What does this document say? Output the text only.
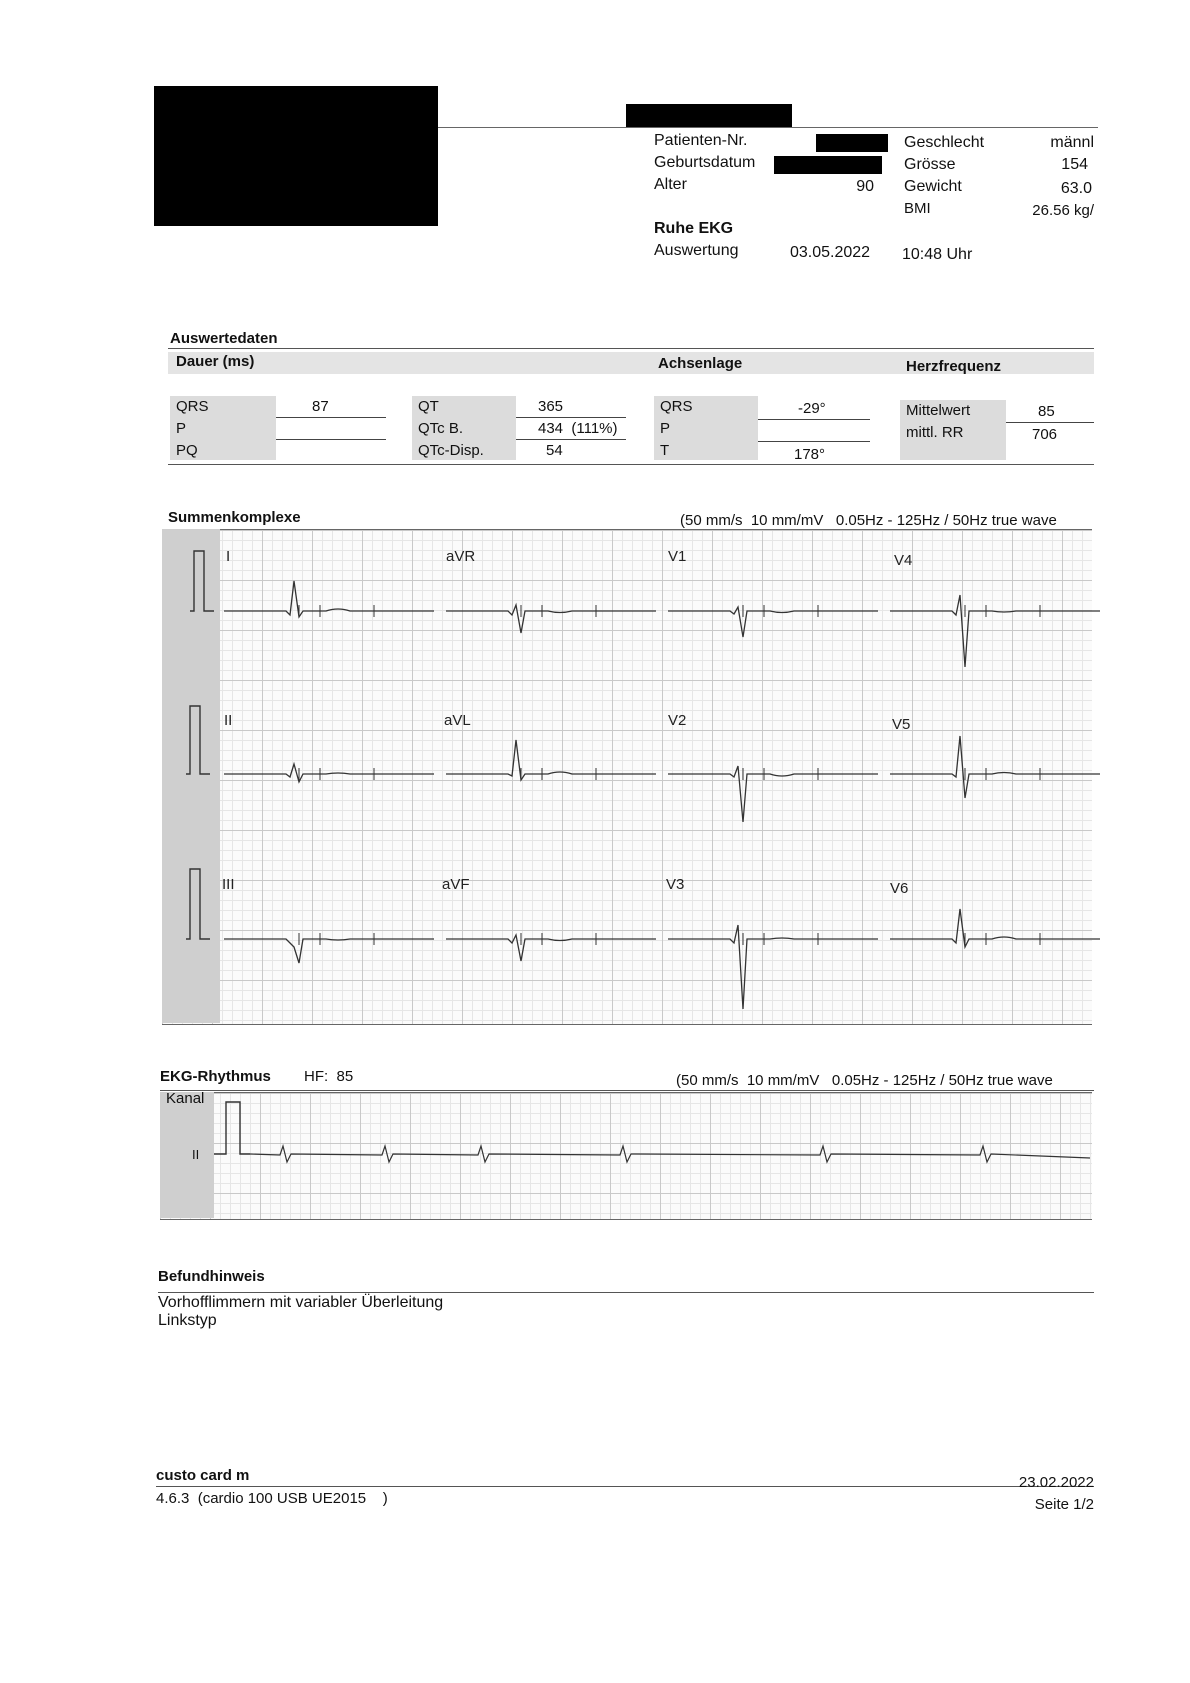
Patienten-Nr.
Geburtsdatum
Alter	90
Geschlecht	männl
Grösse	154
Gewicht	63.0
BMI	26.56 kg/
Ruhe EKG
Auswertung	03.05.2022 10:48 Uhr
Auswertedaten
Dauer (ms)	Achsenlage	Herzfrequenz
QRS	87
P
PQ
QT	365
QTc B.	434  (111%)
QTc-Disp.	54
QRS	-29°
P
T	178°
Mittelwert	85
mittl. RR	706
Summenkomplexe	(50 mm/s  10 mm/mV   0.05Hz - 125Hz / 50Hz true wave
I	aVR	V1	V4
II	aVL	V2	V5
III	aVF	V3	V6
EKG-Rhythmus HF:  85	(50 mm/s  10 mm/mV   0.05Hz - 125Hz / 50Hz true wave
Kanal
II
Befundhinweis
Vorhofflimmern mit variabler Überleitung
Linkstyp
custo card m
4.6.3  (cardio 100 USB UE2015    )
23.02.2022
Seite 1/2
